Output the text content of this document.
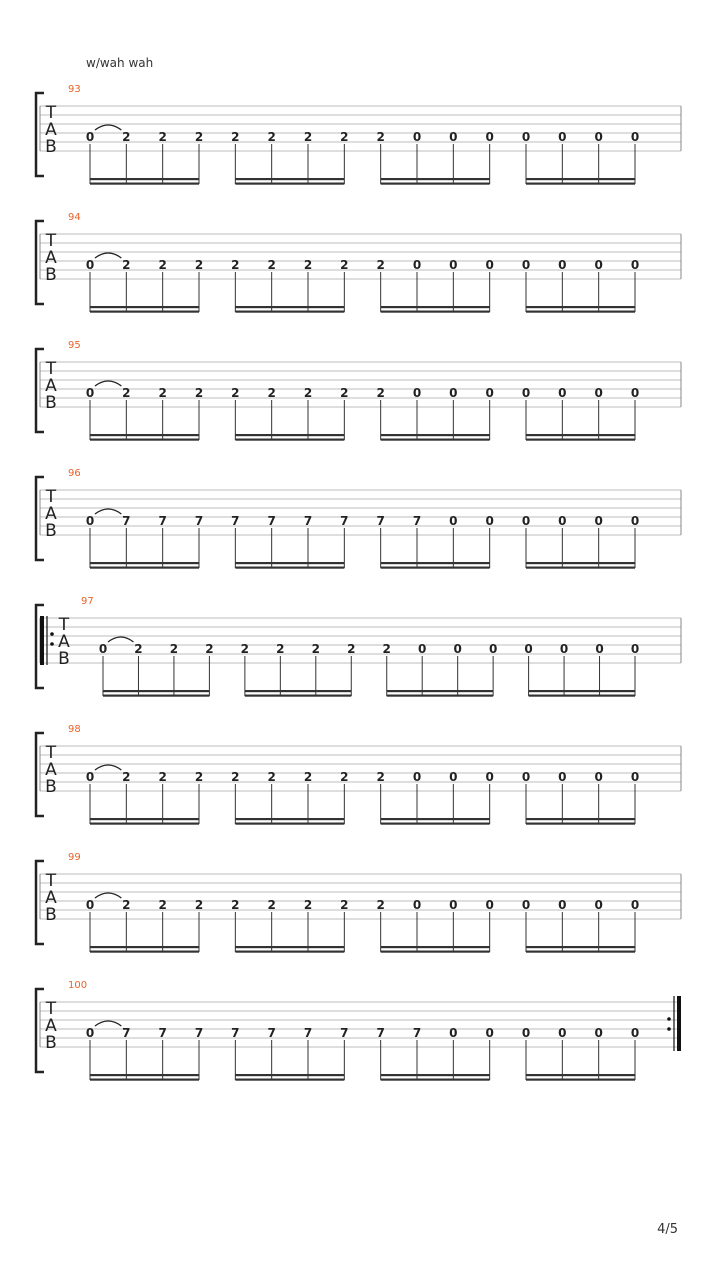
w/wah wah
93
T
A
B 0 2 2 2 2 2 2 2 2 0 0 0 0 0 0 0
94
T
A
B 0 2 2 2 2 2 2 2 2 0 0 0 0 0 0 0
95
T
A
B 0 2 2 2 2 2 2 2 2 0 0 0 0 0 0 0
96
T
A
B 0 7 7 7 7 7 7 7 7 7 0 0 0 0 0 0
97
T
A
B 0 2 2 2 2 2 2 2 2 0 0 0 0 0 0 0
98
T
A
B 0 2 2 2 2 2 2 2 2 0 0 0 0 0 0 0
99
T
A
B 0 2 2 2 2 2 2 2 2 0 0 0 0 0 0 0
100
T
A
B 0 7 7 7 7 7 7 7 7 7 0 0 0 0 0 0
4/5
